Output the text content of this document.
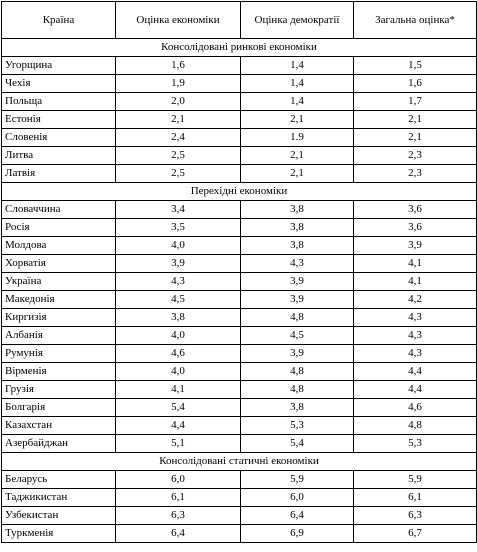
Країна	Оцінка економіки	Оцінка демократії	Загальна оцінка*
Консолідовані ринкові економіки			
Угорщина	1,6	1,4	1,5
Чехія	1,9	1,4	1,6
Польща	2,0	1,4	1,7
Естонія	2,1	2,1	2,1
Словенія	2,4	1.9	2,1
Литва	2,5	2,1	2,3
Латвія	2,5	2,1	2,3
Перехідні економіки			
Словаччина	3,4	3,8	3,6
Росія	3,5	3,8	3,6
Молдова	4,0	3,8	3,9
Хорватія	3,9	4,3	4,1
Україна	4,3	3,9	4,1
Македонія	4,5	3,9	4,2
Киргизія	3,8	4,8	4,3
Албанія	4,0	4,5	4,3
Румунія	4,6	3,9	4,3
Вірменія	4,0	4,8	4,4
Грузія	4,1	4,8	4,4
Болгарія	5,4	3,8	4,6
Казахстан	4,4	5,3	4,8
Азербайджан	5,1	5,4	5,3
Консолідовані статичні економіки			
Беларусь	6,0	5,9	5,9
Таджикистан	6,1	6,0	6,1
Узбекистан	6,3	6,4	6,3
Туркменія	6,4	6,9	6,7
